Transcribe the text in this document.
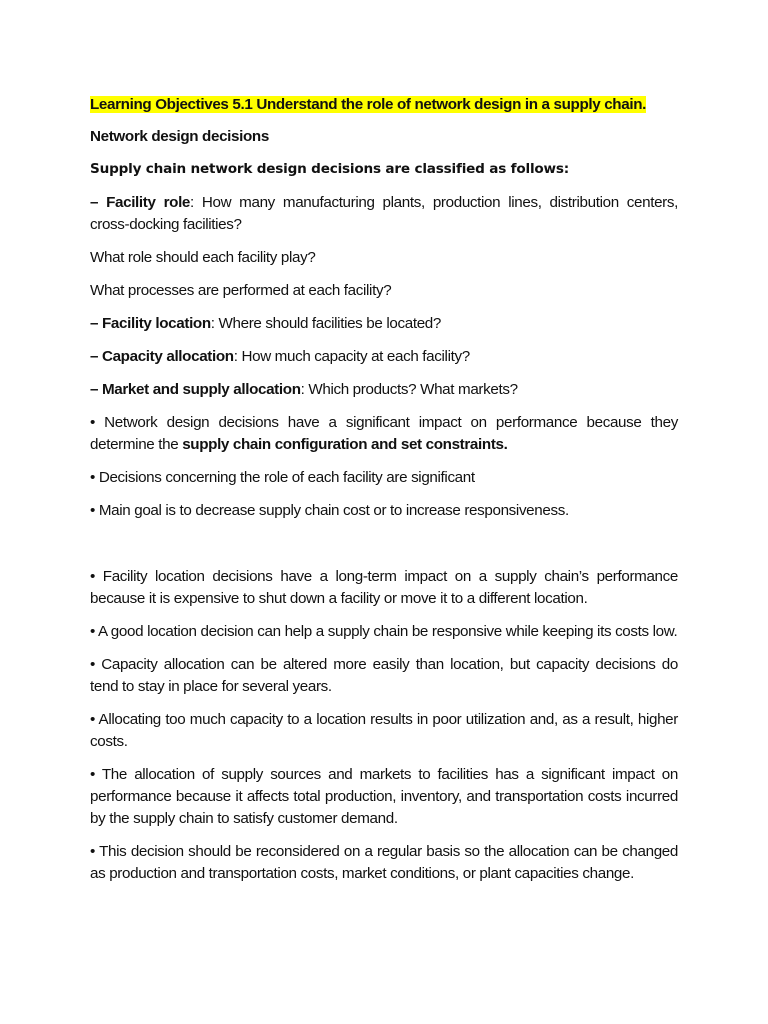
Learning Objectives 5.1 Understand the role of network design in a supply chain.

Network design decisions

Supply chain network design decisions are classified as follows:

– Facility role: How many manufacturing plants, production lines, distribution centers, cross-docking facilities?

What role should each facility play?

What processes are performed at each facility?

– Facility location: Where should facilities be located?

– Capacity allocation: How much capacity at each facility?

– Market and supply allocation: Which products? What markets?

• Network design decisions have a significant impact on performance because they determine the supply chain configuration and set constraints.

• Decisions concerning the role of each facility are significant

• Main goal is to decrease supply chain cost or to increase responsiveness.

• Facility location decisions have a long-term impact on a supply chain’s performance because it is expensive to shut down a facility or move it to a different location.

• A good location decision can help a supply chain be responsive while keeping its costs low.

• Capacity allocation can be altered more easily than location, but capacity decisions do tend to stay in place for several years.

• Allocating too much capacity to a location results in poor utilization and, as a result, higher costs.

• The allocation of supply sources and markets to facilities has a significant impact on performance because it affects total production, inventory, and transportation costs incurred by the supply chain to satisfy customer demand.

• This decision should be reconsidered on a regular basis so the allocation can be changed as production and transportation costs, market conditions, or plant capacities change.
